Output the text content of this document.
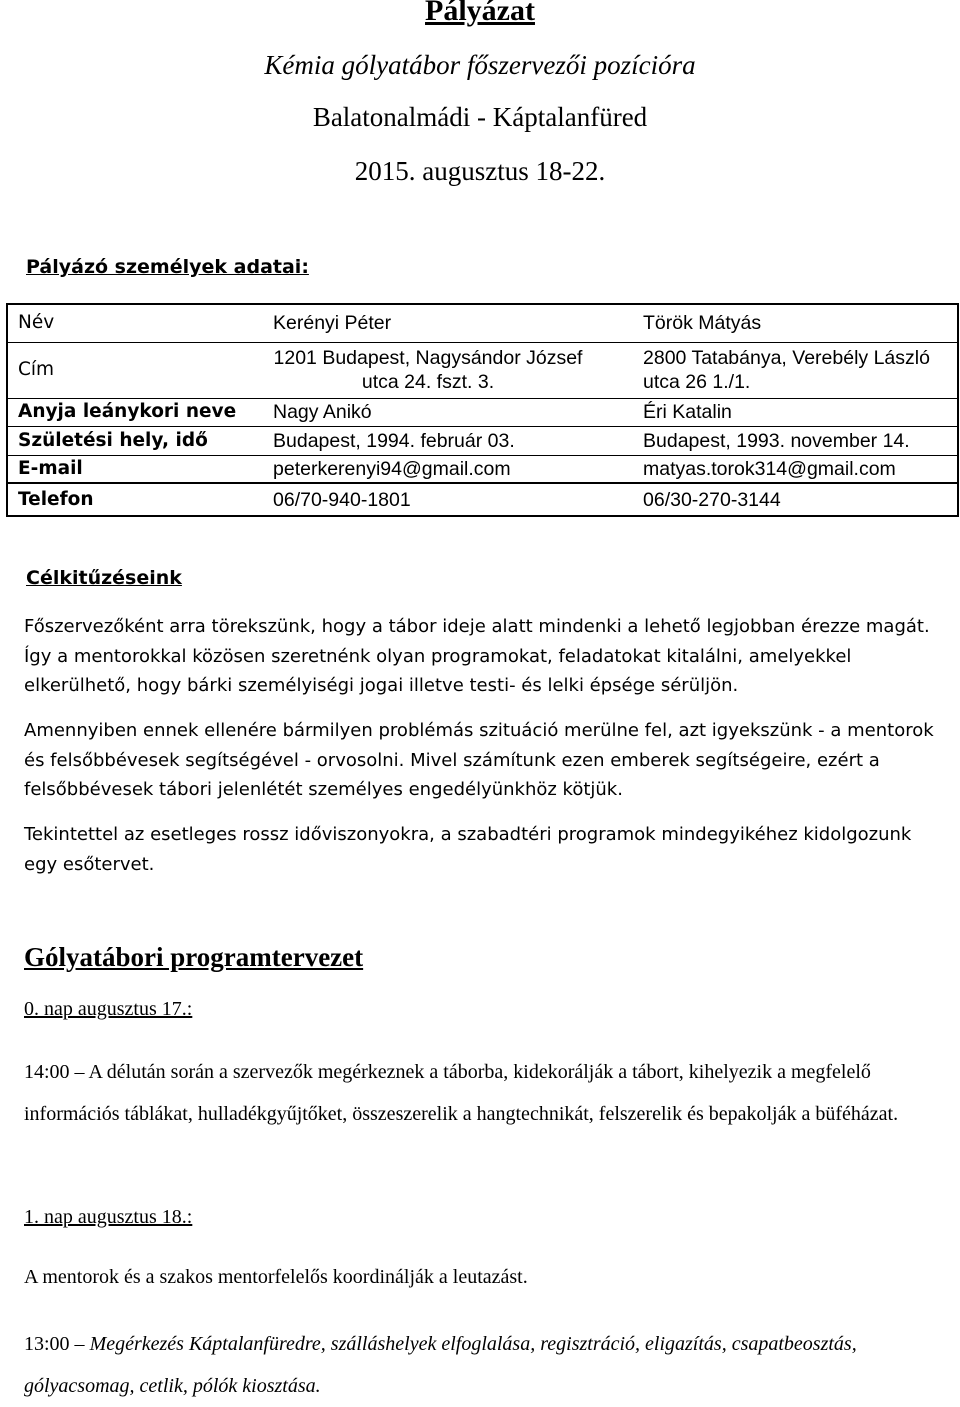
Pályázat
Kémia gólyatábor főszervezői pozícióra
Balatonalmádi - Káptalanfüred
2015. augusztus 18-22.
Pályázó személyek adatai:
Név	Kerényi Péter	Török Mátyás
Cím	1201 Budapest, Nagysándor József utca 24. fszt. 3.	2800 Tatabánya, Verebély László utca 26 1./1.
Anyja leánykori neve	Nagy Anikó	Éri Katalin
Születési hely, idő	Budapest, 1994. február 03.	Budapest, 1993. november 14.
E-mail	peterkerenyi94@gmail.com	matyas.torok314@gmail.com
Telefon	06/70-940-1801	06/30-270-3144
Célkitűzéseink
Főszervezőként arra törekszünk, hogy a tábor ideje alatt mindenki a lehető legjobban érezze magát. Így a mentorokkal közösen szeretnénk olyan programokat, feladatokat kitalálni, amelyekkel elkerülhető, hogy bárki személyiségi jogai illetve testi- és lelki épsége sérüljön.
Amennyiben ennek ellenére bármilyen problémás szituáció merülne fel, azt igyekszünk - a mentorok és felsőbbévesek segítségével - orvosolni. Mivel számítunk ezen emberek segítségeire, ezért a felsőbbévesek tábori jelenlétét személyes engedélyünkhöz kötjük.
Tekintettel az esetleges rossz időviszonyokra, a szabadtéri programok mindegyikéhez kidolgozunk egy esőtervet.
Gólyatábori programtervezet
0. nap augusztus 17.:
14:00 – A délután során a szervezők megérkeznek a táborba, kidekorálják a tábort, kihelyezik a megfelelő információs táblákat, hulladékgyűjtőket, összeszerelik a hangtechnikát, felszerelik és bepakolják a büféházat.
1. nap augusztus 18.:
A mentorok és a szakos mentorfelelős koordinálják a leutazást.
13:00 – Megérkezés Káptalanfüredre, szálláshelyek elfoglalása, regisztráció, eligazítás, csapatbeosztás, gólyacsomag, cetlik, pólók kiosztása.
